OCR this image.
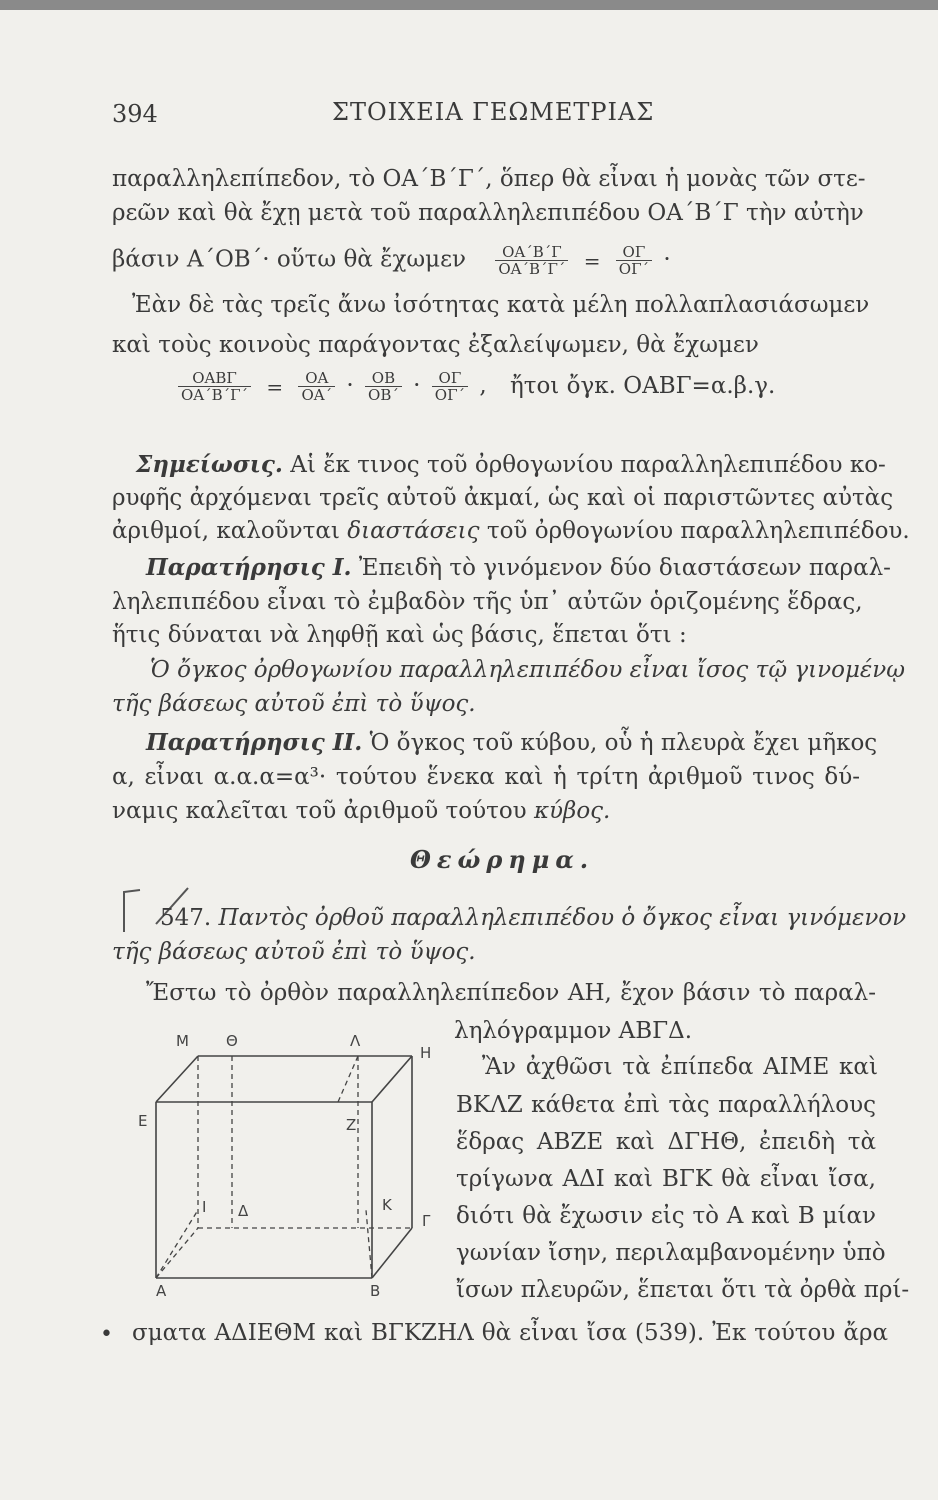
394	ΣΤΟΙΧΕΙΑ ΓΕΩΜΕΤΡΙΑΣ
παραλληλεπίπεδον, τὸ ΟΑ΄Β΄Γ΄, ὅπερ θὰ εἶναι ἡ μονὰς τῶν στε-
ρεῶν καὶ θὰ ἔχῃ μετὰ τοῦ παραλληλεπιπέδου ΟΑ΄Β΄Γ τὴν αὐτὴν
βάσιν Α΄ΟΒ΄· οὕτω θὰ ἔχωμεν $\frac{OA΄B΄\Gamma}{OA΄B΄\Gamma΄} = \frac{O\Gamma}{O\Gamma΄}$ ·
Ἐὰν δὲ τὰς τρεῖς ἄνω ἰσότητας κατὰ μέλη πολλαπλασιάσωμεν
καὶ τοὺς κοινοὺς παράγοντας ἐξαλείψωμεν, θὰ ἔχωμεν
$\frac{\text{ΟΑΒΓ}}{OA΄B΄\Gamma΄} = \frac{OA}{OA΄} \cdot \frac{OB}{OB΄} \cdot \frac{O\Gamma}{O\Gamma΄}$ , ἤτοι ὄγκ. ΟΑΒΓ=α.β.γ.
Σημείωσις. Αἱ ἔκ τινος τοῦ ὀρθογωνίου παραλληλεπιπέδου κο-
ρυφῆς ἀρχόμεναι τρεῖς αὐτοῦ ἀκμαί, ὡς καὶ οἱ παριστῶντες αὐτὰς
ἀριθμοί, καλοῦνται διαστάσεις τοῦ ὀρθογωνίου παραλληλεπιπέδου.
Παρατήρησις I. Ἐπειδὴ τὸ γινόμενον δύο διαστάσεων παραλ-
ληλεπιπέδου εἶναι τὸ ἐμβαδὸν τῆς ὑπ᾽ αὐτῶν ὁριζομένης ἕδρας,
ἥτις δύναται νὰ ληφθῇ καὶ ὡς βάσις, ἕπεται ὅτι :
Ὁ ὄγκος ὀρθογωνίου παραλληλεπιπέδου εἶναι ἴσος τῷ γινομένῳ
τῆς βάσεως αὐτοῦ ἐπὶ τὸ ὕψος.
Παρατήρησις II. Ὁ ὄγκος τοῦ κύβου, οὗ ἡ πλευρὰ ἔχει μῆκος
α, εἶναι α.α.α=α³· τούτου ἕνεκα καὶ ἡ τρίτη ἀριθμοῦ τινος δύ-
ναμις καλεῖται τοῦ ἀριθμοῦ τούτου κύβος.
Θεώρημα.
547. Παντὸς ὀρθοῦ παραλληλεπιπέδου ὁ ὄγκος εἶναι γινόμενον
τῆς βάσεως αὐτοῦ ἐπὶ τὸ ὕψος.
Ἔστω τὸ ὀρθὸν παραλληλεπίπεδον ΑΗ, ἔχον βάσιν τὸ παραλ-
ληλόγραμμον ΑΒΓΔ.
Ἂν ἀχθῶσι τὰ ἐπίπεδα ΑΙΜΕ καὶ
ΒΚΛΖ κάθετα ἐπὶ τὰς παραλλήλους
ἕδρας ΑΒΖΕ καὶ ΔΓΗΘ, ἐπειδὴ τὰ
τρίγωνα ΑΔΙ καὶ ΒΓΚ θὰ εἶναι ἴσα,
διότι θὰ ἔχωσιν εἰς τὸ Α καὶ Β μίαν
γωνίαν ἴσην, περιλαμβανομένην ὑπὸ
ἴσων πλευρῶν, ἕπεται ὅτι τὰ ὀρθὰ πρί-
• σματα ΑΔΙΕΘΜ καὶ ΒΓΚΖΗΛ θὰ εἶναι ἴσα (539). Ἐκ τούτου ἄρα
Μ Θ	Λ
Η
Ε	Ζ
Ι Δ	Κ
Γ
Α	Β
